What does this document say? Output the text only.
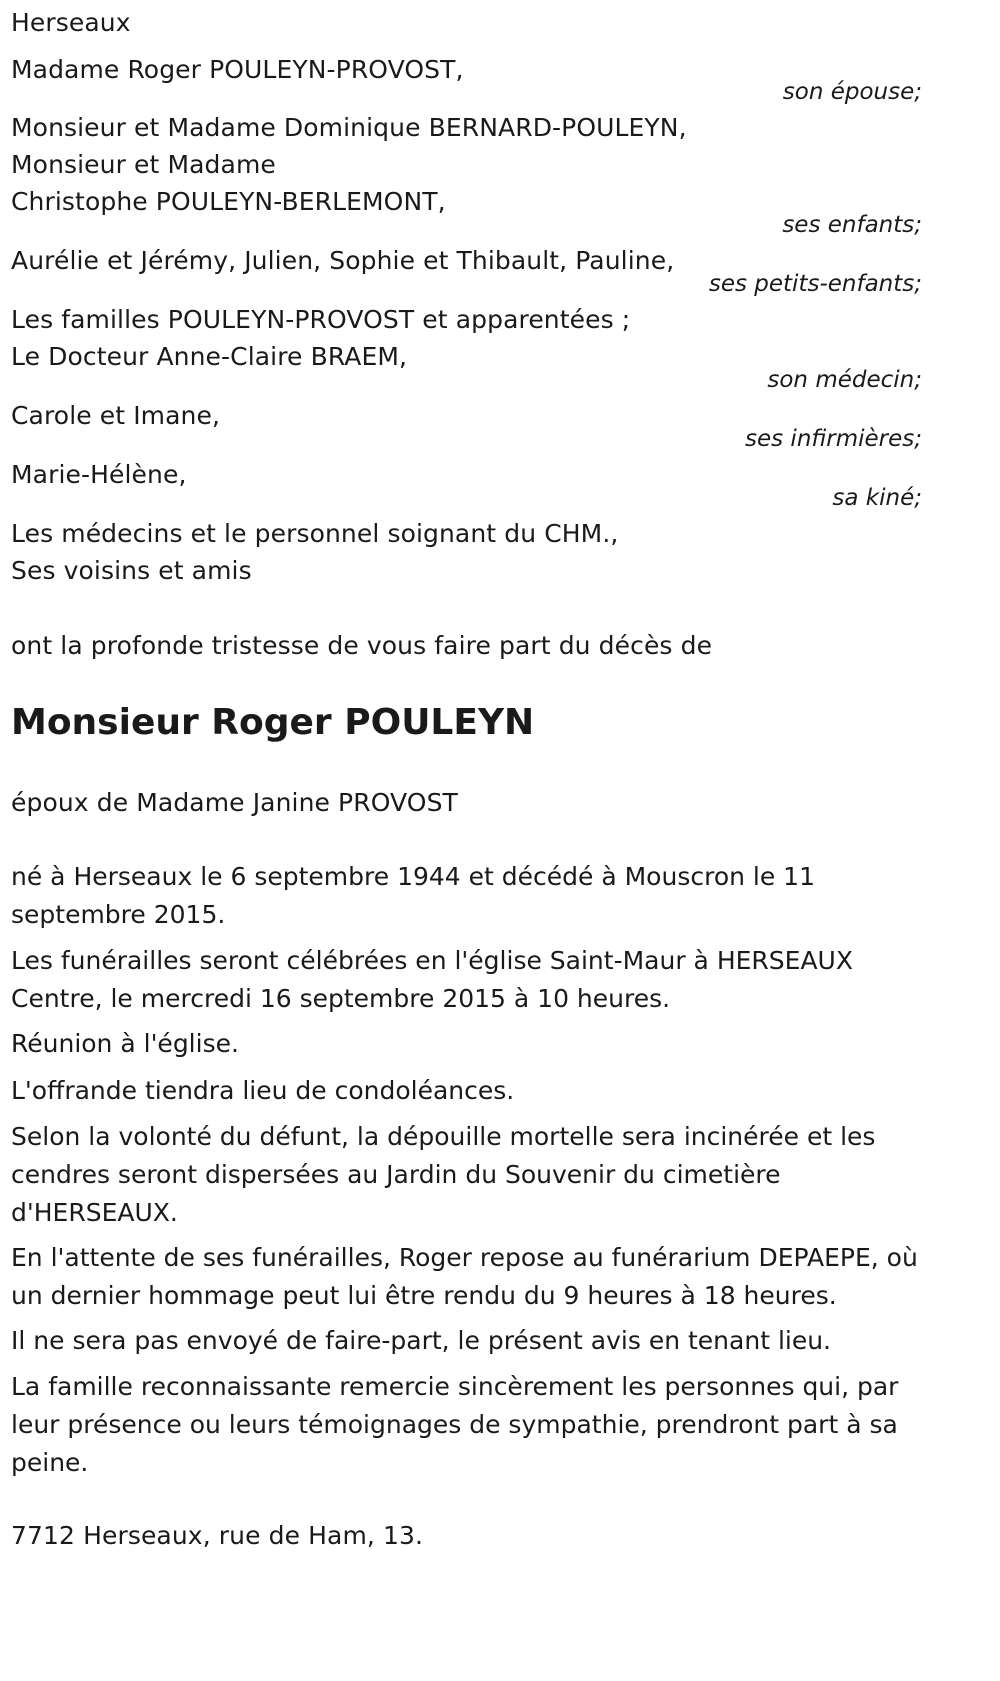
Herseaux
Madame Roger POULEYN-PROVOST,
son épouse;
Monsieur et Madame Dominique BERNARD-POULEYN,
Monsieur et Madame
Christophe POULEYN-BERLEMONT,
ses enfants;
Aurélie et Jérémy, Julien, Sophie et Thibault, Pauline,
ses petits-enfants;
Les familles POULEYN-PROVOST et apparentées ;
Le Docteur Anne-Claire BRAEM,
son médecin;
Carole et Imane,
ses infirmières;
Marie-Hélène,
sa kiné;
Les médecins et le personnel soignant du CHM.,
Ses voisins et amis
ont la profonde tristesse de vous faire part du décès de
Monsieur Roger POULEYN
époux de Madame Janine PROVOST
né à Herseaux le 6 septembre 1944 et décédé à Mouscron le 11 septembre 2015.
Les funérailles seront célébrées en l'église Saint-Maur à HERSEAUX Centre, le mercredi 16 septembre 2015 à 10 heures.
Réunion à l'église.
L'offrande tiendra lieu de condoléances.
Selon la volonté du défunt, la dépouille mortelle sera incinérée et les cendres seront dispersées au Jardin du Souvenir du cimetière d'HERSEAUX.
En l'attente de ses funérailles, Roger repose au funérarium DEPAEPE, où un dernier hommage peut lui être rendu du 9 heures à 18 heures.
Il ne sera pas envoyé de faire-part, le présent avis en tenant lieu.
La famille reconnaissante remercie sincèrement les personnes qui, par leur présence ou leurs témoignages de sympathie, prendront part à sa peine.
7712 Herseaux, rue de Ham, 13.
